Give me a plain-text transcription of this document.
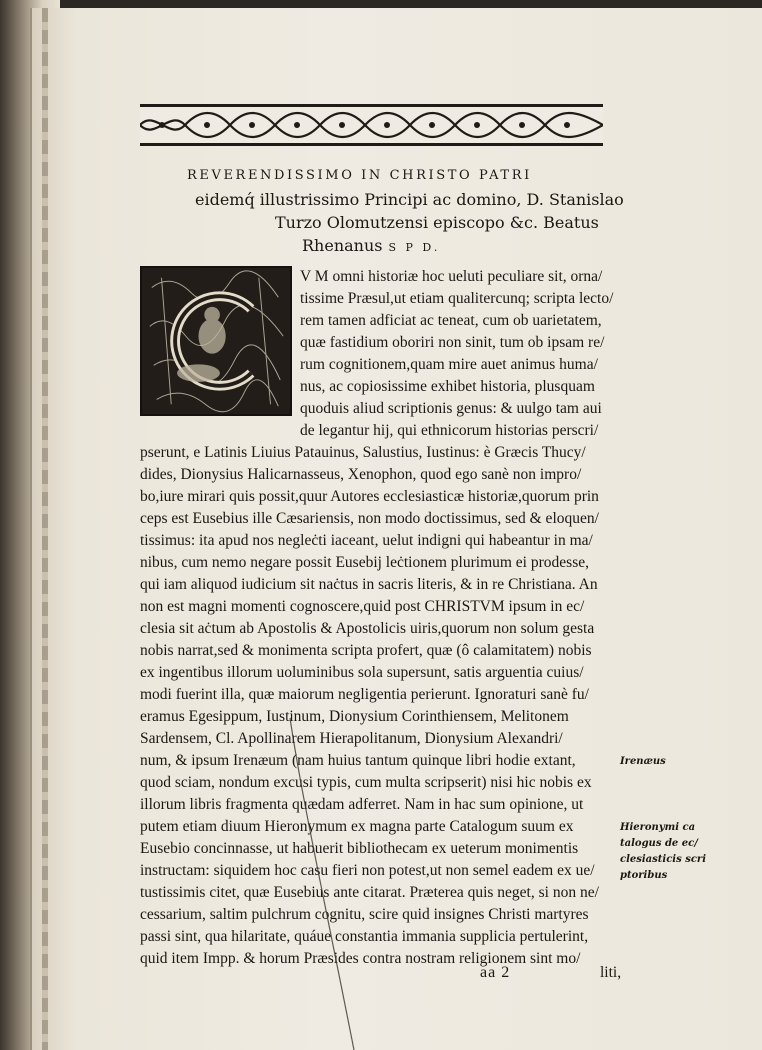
REVERENDISSIMO IN CHRISTO PATRI
eidemq́ illustrissimo Principi ac domino, D. Stanislao
Turzo Olomutzensi episcopo &c. Beatus
Rhenanus S P D.
V M omni historiæ hoc ueluti peculiare sit, orna/
tissime Præsul,ut etiam qualitercunq; scripta lecto/
rem tamen adficiat ac teneat, cum ob uarietatem,
quæ fastidium oboriri non sinit, tum ob ipsam re/
rum cognitionem,quam mire auet animus huma/
nus, ac copiosissime exhibet historia, plusquam
quoduis aliud scriptionis genus: & uulgo tam aui
de legantur hij, qui ethnicorum historias perscri/
pserunt, e Latinis Liuius Patauinus, Salustius, Iustinus: è Græcis Thucy/
dides, Dionysius Halicarnasseus, Xenophon, quod ego sanè non impro/
bo,iure mirari quis possit,quur Autores ecclesiasticæ historiæ,quorum prin
ceps est Eusebius ille Cæsariensis, non modo doctissimus, sed & eloquen/
tissimus: ita apud nos negleċti iaceant, uelut indigni qui habeantur in ma/
nibus, cum nemo negare possit Eusebij leċtionem plurimum ei prodesse,
qui iam aliquod iudicium sit naċtus in sacris literis, & in re Christiana. An
non est magni momenti cognoscere,quid post CHRISTVM ipsum in ec/
clesia sit aċtum ab Apostolis & Apostolicis uiris,quorum non solum gesta
nobis narrat,sed & monimenta scripta profert, quæ (ô calamitatem) nobis
ex ingentibus illorum uoluminibus sola supersunt, satis arguentia cuius/
modi fuerint illa, quæ maiorum negligentia perierunt. Ignoraturi sanè fu/
eramus Egesippum, Iustinum, Dionysium Corinthiensem, Melitonem
Sardensem, Cl. Apollinarem Hierapolitanum, Dionysium Alexandri/
num, & ipsum Irenæum (nam huius tantum quinque libri hodie extant,
quod sciam, nondum excusi typis, cum multa scripserit) nisi hic nobis ex
illorum libris fragmenta quædam adferret. Nam in hac sum opinione, ut
putem etiam diuum Hieronymum ex magna parte Catalogum suum ex
Eusebio concinnasse, ut habuerit bibliothecam ex ueterum monimentis
instructam: siquidem hoc casu fieri non potest,ut non semel eadem ex ue/
tustissimis citet, quæ Eusebius ante citarat. Præterea quis neget, si non ne/
cessarium, saltim pulchrum cognitu, scire quid insignes Christi martyres
passi sint, qua hilaritate, quáue constantia immania supplicia pertulerint,
quid item Impp. & horum Præsides contra nostram religionem sint mo/
Irenæus
Hieronymi ca
talogus de ec/
clesiasticis scri
ptoribus
aa 2	liti,
